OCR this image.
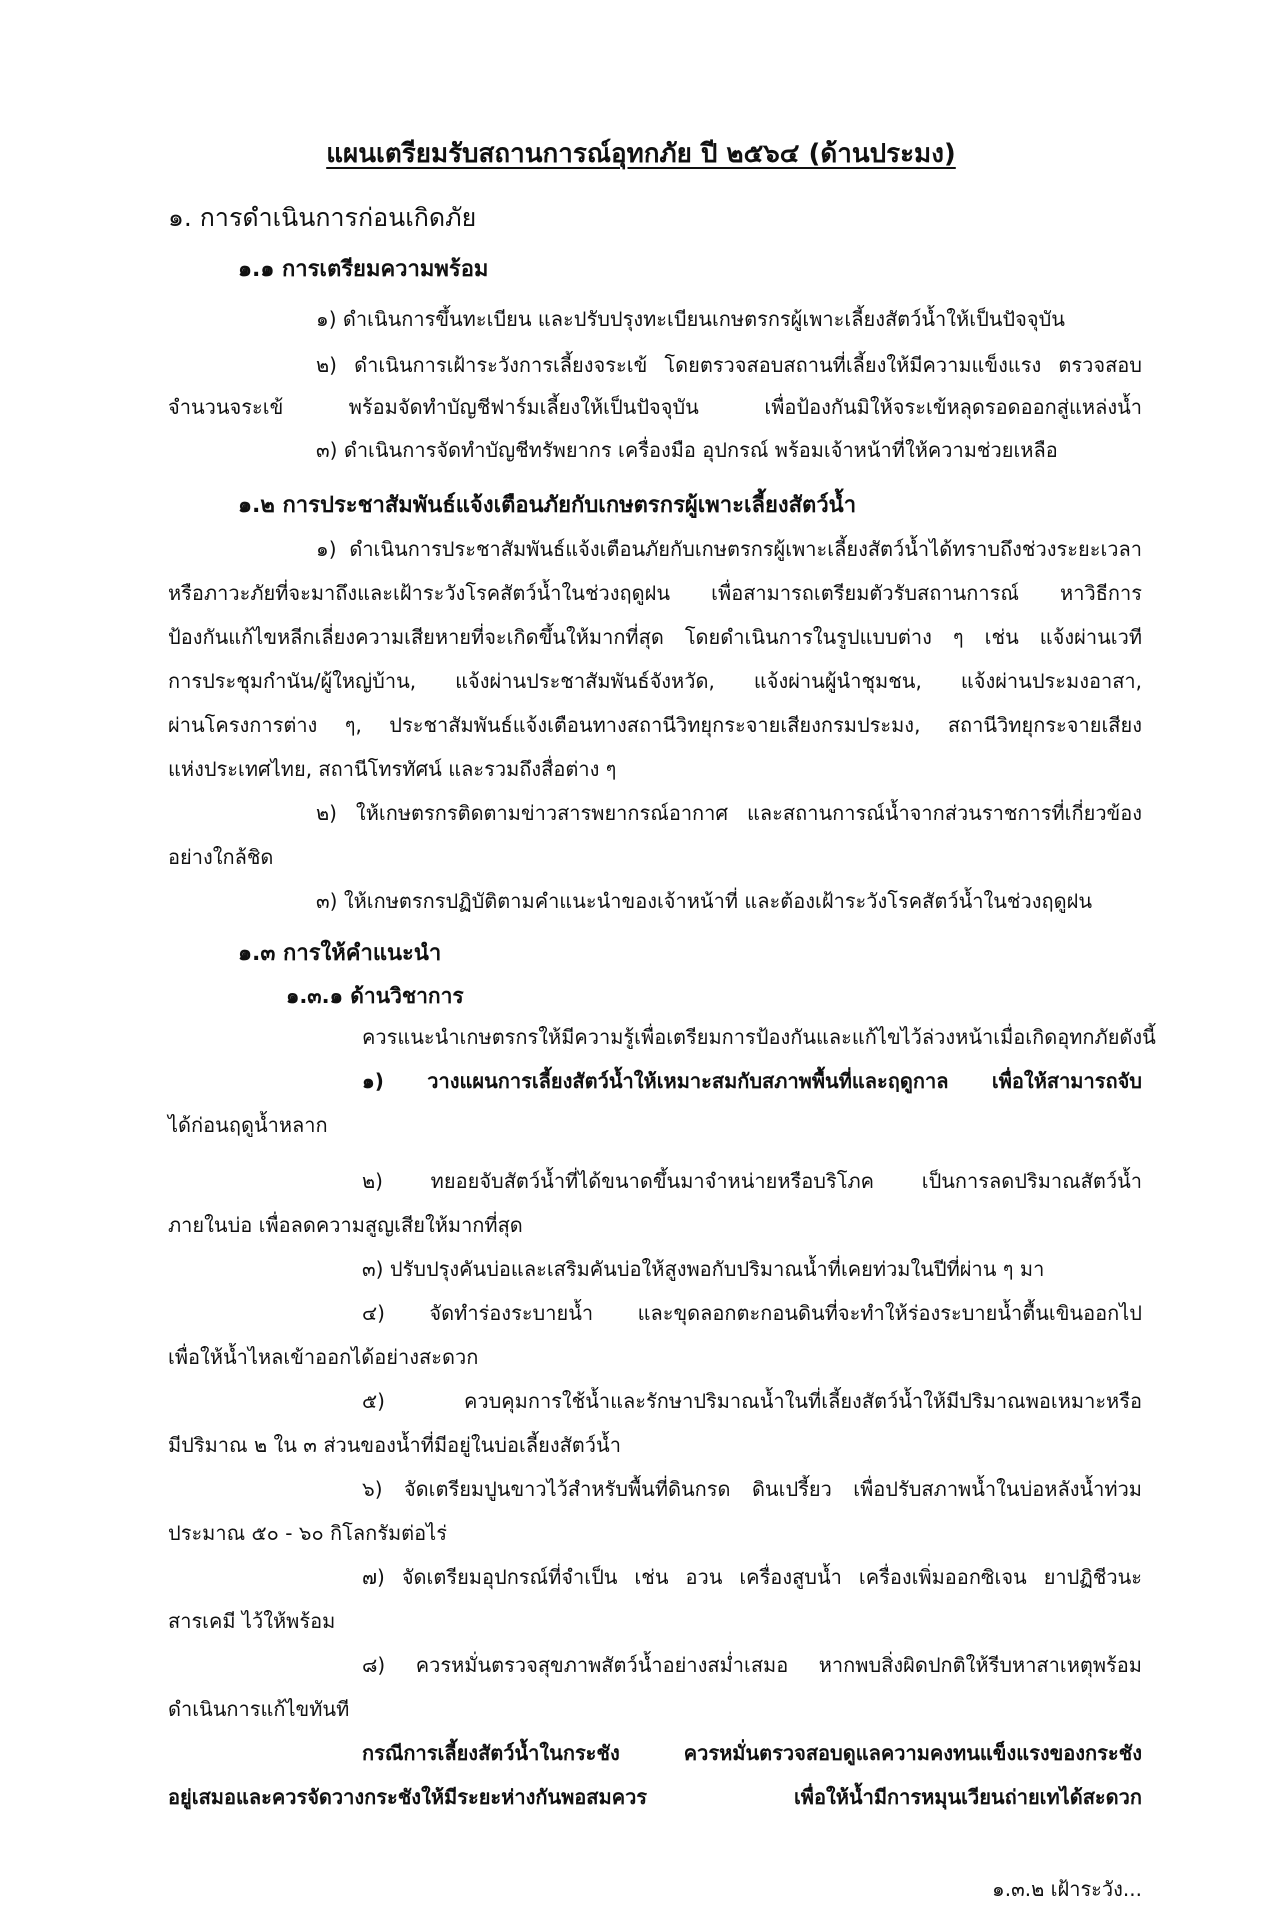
แผนเตรียมรับสถานการณ์อุทกภัย ปี ๒๕๖๔ (ด้านประมง)
๑. การดำเนินการก่อนเกิดภัย
๑.๑ การเตรียมความพร้อม
๑) ดำเนินการขึ้นทะเบียน และปรับปรุงทะเบียนเกษตรกรผู้เพาะเลี้ยงสัตว์น้ำให้เป็นปัจจุบัน
๒) ดำเนินการเฝ้าระวังการเลี้ยงจระเข้ โดยตรวจสอบสถานที่เลี้ยงให้มีความแข็งแรง ตรวจสอบ
จำนวนจระเข้ พร้อมจัดทำบัญชีฟาร์มเลี้ยงให้เป็นปัจจุบัน เพื่อป้องกันมิให้จระเข้หลุดรอดออกสู่แหล่งน้ำ
๓) ดำเนินการจัดทำบัญชีทรัพยากร เครื่องมือ อุปกรณ์ พร้อมเจ้าหน้าที่ให้ความช่วยเหลือ
๑.๒ การประชาสัมพันธ์แจ้งเตือนภัยกับเกษตรกรผู้เพาะเลี้ยงสัตว์น้ำ
๑) ดำเนินการประชาสัมพันธ์แจ้งเตือนภัยกับเกษตรกรผู้เพาะเลี้ยงสัตว์น้ำได้ทราบถึงช่วงระยะเวลา
หรือภาวะภัยที่จะมาถึงและเฝ้าระวังโรคสัตว์น้ำในช่วงฤดูฝน เพื่อสามารถเตรียมตัวรับสถานการณ์ หาวิธีการ
ป้องกันแก้ไขหลีกเลี่ยงความเสียหายที่จะเกิดขึ้นให้มากที่สุด โดยดำเนินการในรูปแบบต่าง ๆ เช่น แจ้งผ่านเวที
การประชุมกำนัน/ผู้ใหญ่บ้าน, แจ้งผ่านประชาสัมพันธ์จังหวัด, แจ้งผ่านผู้นำชุมชน, แจ้งผ่านประมงอาสา,
ผ่านโครงการต่าง ๆ, ประชาสัมพันธ์แจ้งเตือนทางสถานีวิทยุกระจายเสียงกรมประมง, สถานีวิทยุกระจายเสียง
แห่งประเทศไทย, สถานีโทรทัศน์ และรวมถึงสื่อต่าง ๆ
๒) ให้เกษตรกรติดตามข่าวสารพยากรณ์อากาศ และสถานการณ์น้ำจากส่วนราชการที่เกี่ยวข้อง
อย่างใกล้ชิด
๓) ให้เกษตรกรปฏิบัติตามคำแนะนำของเจ้าหน้าที่ และต้องเฝ้าระวังโรคสัตว์น้ำในช่วงฤดูฝน
๑.๓ การให้คำแนะนำ
๑.๓.๑ ด้านวิชาการ
ควรแนะนำเกษตรกรให้มีความรู้เพื่อเตรียมการป้องกันและแก้ไขไว้ล่วงหน้าเมื่อเกิดอุทกภัยดังนี้
๑) วางแผนการเลี้ยงสัตว์น้ำให้เหมาะสมกับสภาพพื้นที่และฤดูกาล เพื่อให้สามารถจับ
ได้ก่อนฤดูน้ำหลาก
๒) ทยอยจับสัตว์น้ำที่ได้ขนาดขึ้นมาจำหน่ายหรือบริโภค เป็นการลดปริมาณสัตว์น้ำ
ภายในบ่อ เพื่อลดความสูญเสียให้มากที่สุด
๓) ปรับปรุงคันบ่อและเสริมคันบ่อให้สูงพอกับปริมาณน้ำที่เคยท่วมในปีที่ผ่าน ๆ มา
๔) จัดทำร่องระบายน้ำ และขุดลอกตะกอนดินที่จะทำให้ร่องระบายน้ำตื้นเขินออกไป
เพื่อให้น้ำไหลเข้าออกได้อย่างสะดวก
๕) ควบคุมการใช้น้ำและรักษาปริมาณน้ำในที่เลี้ยงสัตว์น้ำให้มีปริมาณพอเหมาะหรือ
มีปริมาณ ๒ ใน ๓ ส่วนของน้ำที่มีอยู่ในบ่อเลี้ยงสัตว์น้ำ
๖) จัดเตรียมปูนขาวไว้สำหรับพื้นที่ดินกรด ดินเปรี้ยว เพื่อปรับสภาพน้ำในบ่อหลังน้ำท่วม
ประมาณ ๕๐ - ๖๐ กิโลกรัมต่อไร่
๗) จัดเตรียมอุปกรณ์ที่จำเป็น เช่น อวน เครื่องสูบน้ำ เครื่องเพิ่มออกซิเจน ยาปฏิชีวนะ
สารเคมี ไว้ให้พร้อม
๘) ควรหมั่นตรวจสุขภาพสัตว์น้ำอย่างสม่ำเสมอ หากพบสิ่งผิดปกติให้รีบหาสาเหตุพร้อม
ดำเนินการแก้ไขทันที
กรณีการเลี้ยงสัตว์น้ำในกระชัง ควรหมั่นตรวจสอบดูแลความคงทนแข็งแรงของกระชัง
อยู่เสมอและควรจัดวางกระชังให้มีระยะห่างกันพอสมควร เพื่อให้น้ำมีการหมุนเวียนถ่ายเทได้สะดวก
๑.๓.๒ เฝ้าระวัง...
